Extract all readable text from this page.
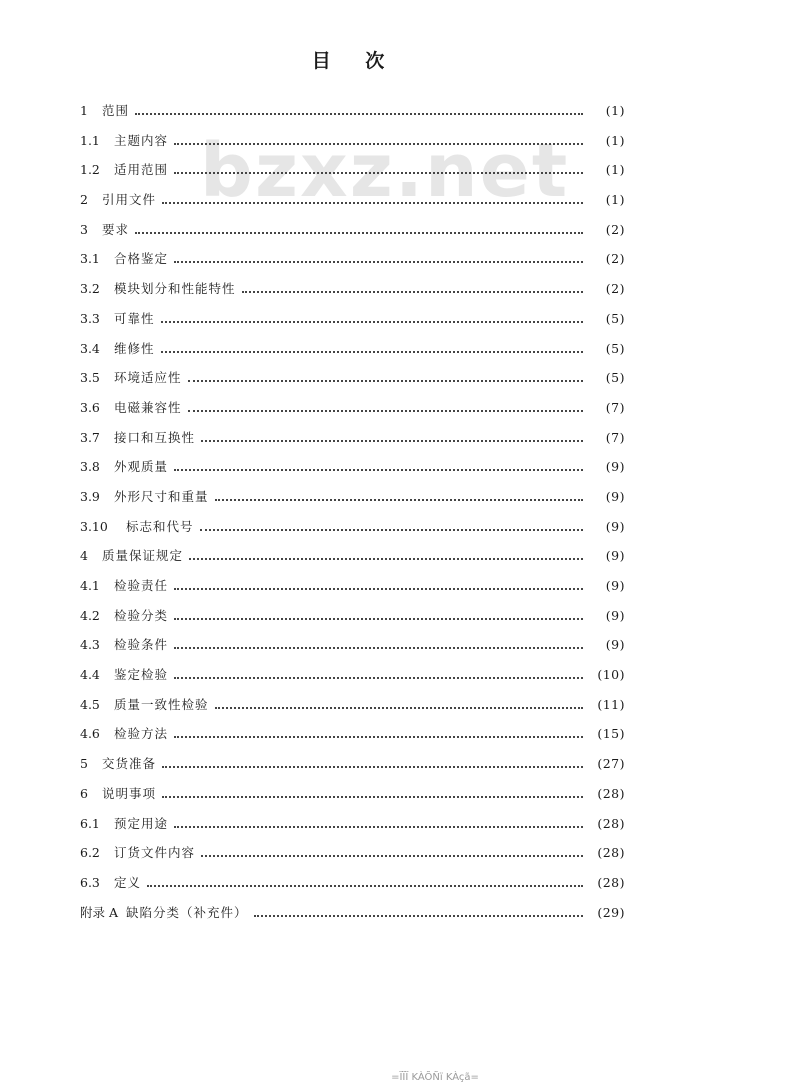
bzxz.net
目 次
1	范围	(1)
1.1	主题内容	(1)
1.2	适用范围	(1)
2	引用文件	(1)
3	要求	(2)
3.1	合格鉴定	(2)
3.2	模块划分和性能特性	(2)
3.3	可靠性	(5)
3.4	维修性	(5)
3.5	环境适应性	(5)
3.6	电磁兼容性	(7)
3.7	接口和互换性	(7)
3.8	外观质量	(9)
3.9	外形尺寸和重量	(9)
3.10	标志和代号	(9)
4	质量保证规定	(9)
4.1	检验责任	(9)
4.2	检验分类	(9)
4.3	检验条件	(9)
4.4	鉴定检验	(10)
4.5	质量一致性检验	(11)
4.6	检验方法	(15)
5	交货准备	(27)
6	说明事项	(28)
6.1	预定用途	(28)
6.2	订货文件内容	(28)
6.3	定义	(28)
附录 A 缺陷分类（补充件）	(29)
=ÏÏÏ KÀÕÑï KÀçã=
